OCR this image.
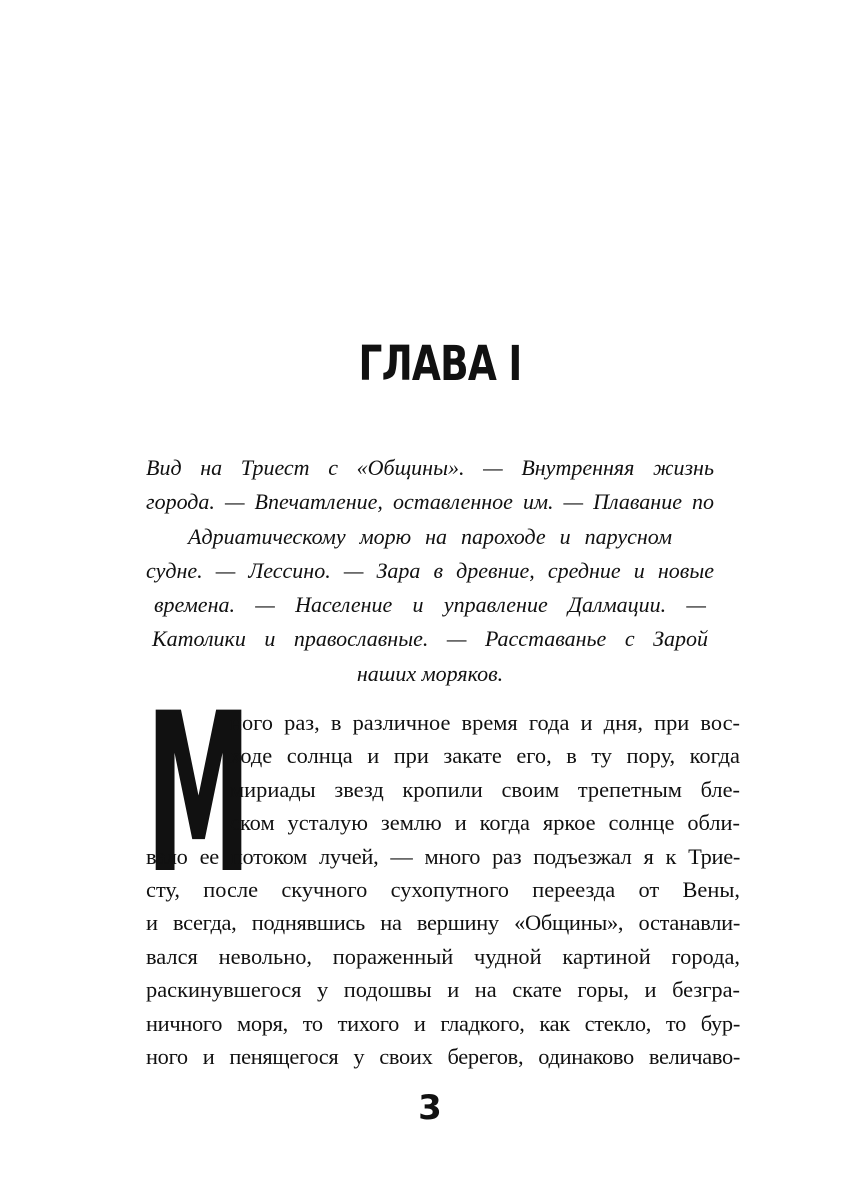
ГЛАВА I
Вид на Триест с «Общины». — Внутренняя жизнь
города. — Впечатление, оставленное им. — Плавание по
Адриатическому морю на пароходе и парусном
судне. — Лессино. — Зара в древние, средние и новые
времена. — Население и управление Далмации. —
Католики и православные. — Расставанье с Зарой
наших моряков.
М
ного раз, в различное время года и дня, при вос-
ходе солнца и при закате его, в ту пору, когда
мириады звезд кропили своим трепетным бле-
ском усталую землю и когда яркое солнце обли-
вало ее потоком лучей, — много раз подъезжал я к Трие-
сту, после скучного сухопутного переезда от Вены,
и всегда, поднявшись на вершину «Общины», останавли-
вался невольно, пораженный чудной картиной города,
раскинувшегося у подошвы и на скате горы, и безгра-
ничного моря, то тихого и гладкого, как стекло, то бур-
ного и пенящегося у своих берегов, одинаково величаво-
3
